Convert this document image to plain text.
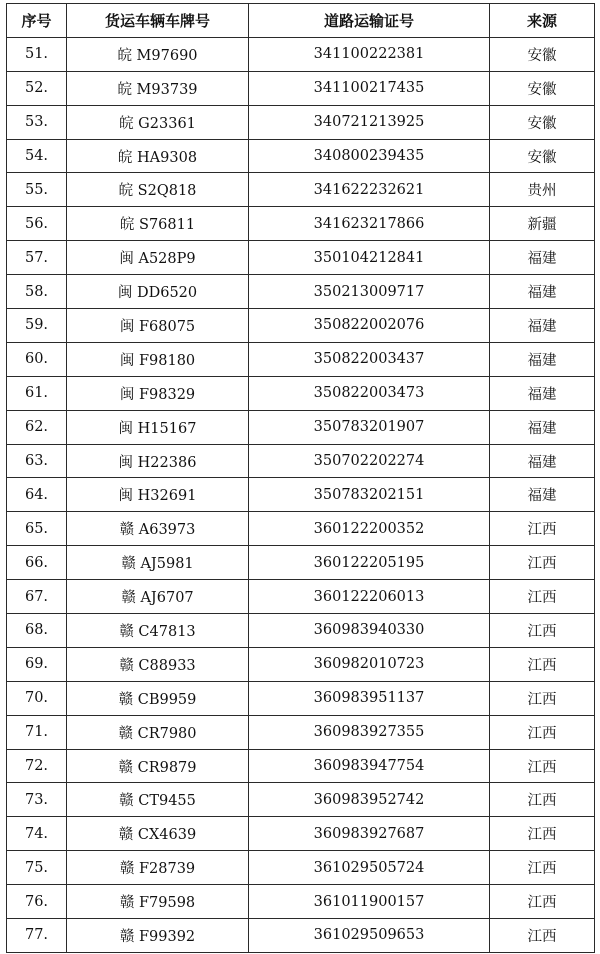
序号	货运车辆车牌号	道路运输证号	来源
51.	皖 M97690	341100222381	安徽
52.	皖 M93739	341100217435	安徽
53.	皖 G23361	340721213925	安徽
54.	皖 HA9308	340800239435	安徽
55.	皖 S2Q818	341622232621	贵州
56.	皖 S76811	341623217866	新疆
57.	闽 A528P9	350104212841	福建
58.	闽 DD6520	350213009717	福建
59.	闽 F68075	350822002076	福建
60.	闽 F98180	350822003437	福建
61.	闽 F98329	350822003473	福建
62.	闽 H15167	350783201907	福建
63.	闽 H22386	350702202274	福建
64.	闽 H32691	350783202151	福建
65.	赣 A63973	360122200352	江西
66.	赣 AJ5981	360122205195	江西
67.	赣 AJ6707	360122206013	江西
68.	赣 C47813	360983940330	江西
69.	赣 C88933	360982010723	江西
70.	赣 CB9959	360983951137	江西
71.	赣 CR7980	360983927355	江西
72.	赣 CR9879	360983947754	江西
73.	赣 CT9455	360983952742	江西
74.	赣 CX4639	360983927687	江西
75.	赣 F28739	361029505724	江西
76.	赣 F79598	361011900157	江西
77.	赣 F99392	361029509653	江西
